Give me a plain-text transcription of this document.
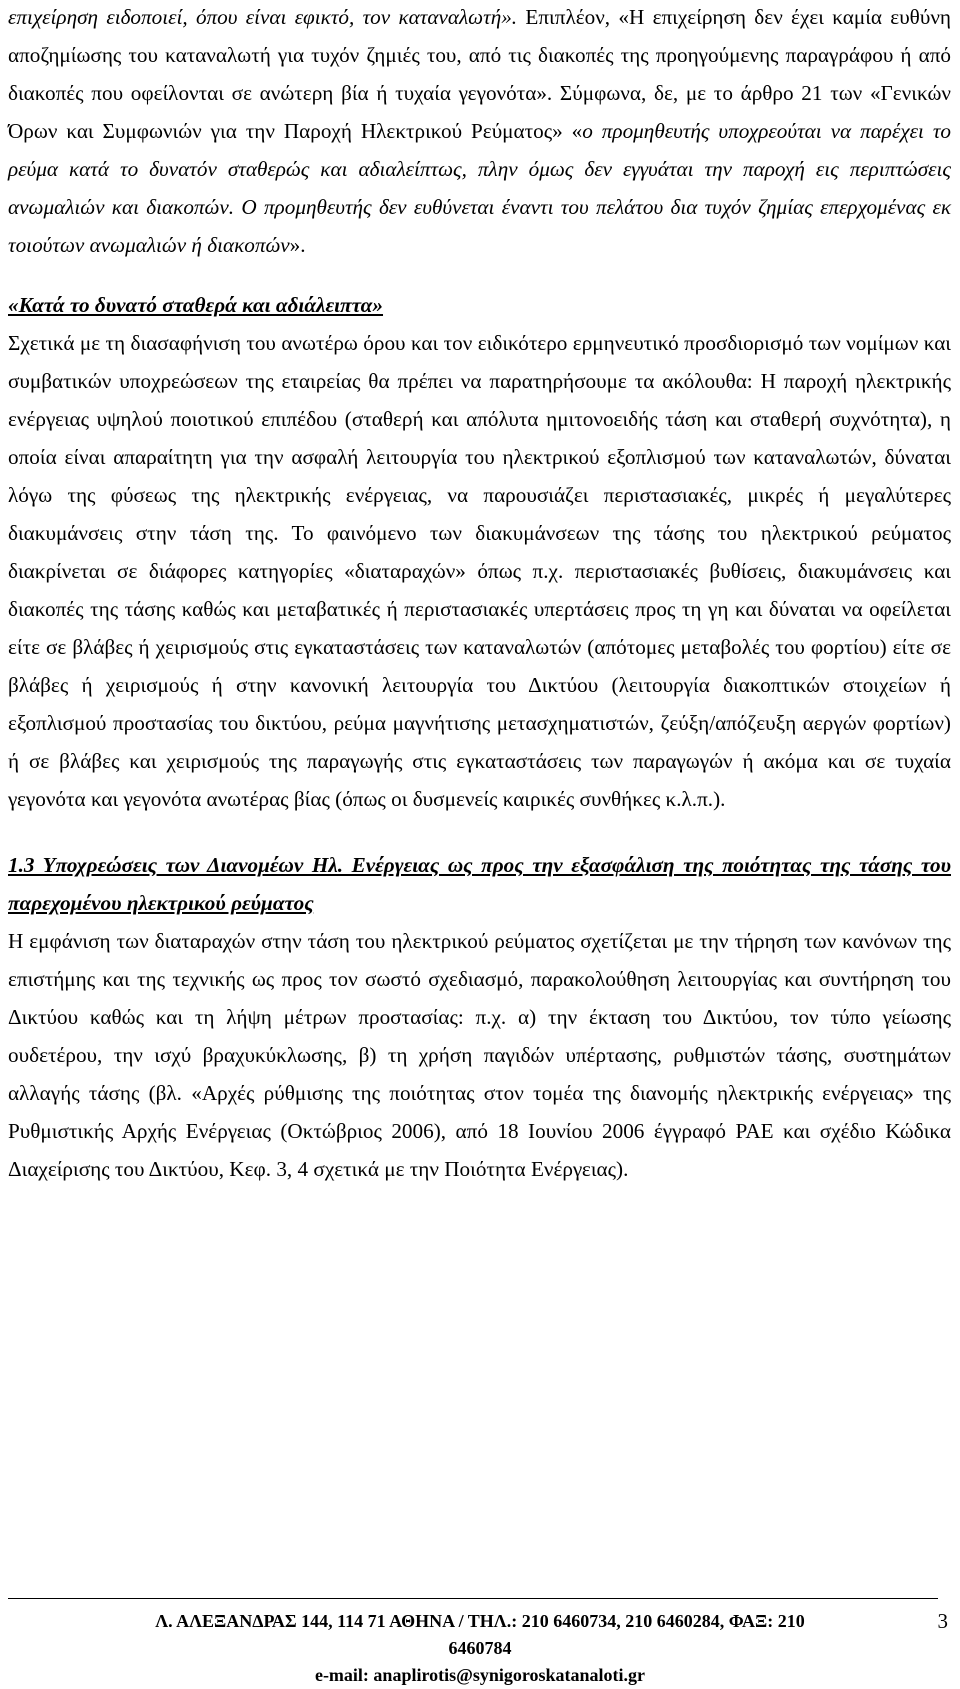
επιχείρηση ειδοποιεί, όπου είναι εφικτό, τον καταναλωτή». Επιπλέον, «Η επιχείρηση δεν έχει καμία ευθύνη αποζημίωσης του καταναλωτή για τυχόν ζημιές του, από τις διακοπές της προηγούμενης παραγράφου ή από διακοπές που οφείλονται σε ανώτερη βία ή τυχαία γεγονότα». Σύμφωνα, δε, με το άρθρο 21 των «Γενικών Όρων και Συμφωνιών για την Παροχή Ηλεκτρικού Ρεύματος» «ο προμηθευτής υποχρεούται να παρέχει το ρεύμα κατά το δυνατόν σταθερώς και αδιαλείπτως, πλην όμως δεν εγγυάται την παροχή εις περιπτώσεις ανωμαλιών και διακοπών. Ο προμηθευτής δεν ευθύνεται έναντι του πελάτου δια τυχόν ζημίας επερχομένας εκ τοιούτων ανωμαλιών ή διακοπών».

«Κατά το δυνατό σταθερά και αδιάλειπτα»

Σχετικά με τη διασαφήνιση του ανωτέρω όρου και τον ειδικότερο ερμηνευτικό προσδιορισμό των νομίμων και συμβατικών υποχρεώσεων της εταιρείας θα πρέπει να παρατηρήσουμε τα ακόλουθα: Η παροχή ηλεκτρικής ενέργειας υψηλού ποιοτικού επιπέδου (σταθερή και απόλυτα ημιτονοειδής τάση και σταθερή συχνότητα), η οποία είναι απαραίτητη για την ασφαλή λειτουργία του ηλεκτρικού εξοπλισμού των καταναλωτών, δύναται λόγω της φύσεως της ηλεκτρικής ενέργειας, να παρουσιάζει περιστασιακές, μικρές ή μεγαλύτερες διακυμάνσεις στην τάση της. Το φαινόμενο των διακυμάνσεων της τάσης του ηλεκτρικού ρεύματος διακρίνεται σε διάφορες κατηγορίες «διαταραχών» όπως π.χ. περιστασιακές βυθίσεις, διακυμάνσεις και διακοπές της τάσης καθώς και μεταβατικές ή περιστασιακές υπερτάσεις προς τη γη και δύναται να οφείλεται είτε σε βλάβες ή χειρισμούς στις εγκαταστάσεις των καταναλωτών (απότομες μεταβολές του φορτίου) είτε σε βλάβες ή χειρισμούς ή στην κανονική λειτουργία του Δικτύου (λειτουργία διακοπτικών στοιχείων ή εξοπλισμού προστασίας του δικτύου, ρεύμα μαγνήτισης μετασχηματιστών, ζεύξη/απόζευξη αεργών φορτίων) ή σε βλάβες και χειρισμούς της παραγωγής στις εγκαταστάσεις των παραγωγών ή ακόμα και σε τυχαία γεγονότα και γεγονότα ανωτέρας βίας (όπως οι δυσμενείς καιρικές συνθήκες κ.λ.π.).

1.3 Υποχρεώσεις των Διανομέων Ηλ. Ενέργειας ως προς την εξασφάλιση της ποιότητας της τάσης του παρεχομένου ηλεκτρικού ρεύματος

Η εμφάνιση των διαταραχών στην τάση του ηλεκτρικού ρεύματος σχετίζεται με την τήρηση των κανόνων της επιστήμης και της τεχνικής ως προς τον σωστό σχεδιασμό, παρακολούθηση λειτουργίας και συντήρηση του Δικτύου καθώς και τη λήψη μέτρων προστασίας: π.χ. α) την έκταση του Δικτύου, τον τύπο γείωσης ουδετέρου, την ισχύ βραχυκύκλωσης, β) τη χρήση παγιδών υπέρτασης, ρυθμιστών τάσης, συστημάτων αλλαγής τάσης (βλ. «Αρχές ρύθμισης της ποιότητας στον τομέα της διανομής ηλεκτρικής ενέργειας» της Ρυθμιστικής Αρχής Ενέργειας (Οκτώβριος 2006), από 18 Ιουνίου 2006 έγγραφό ΡΑΕ και σχέδιο Κώδικα Διαχείρισης του Δικτύου, Κεφ. 3, 4 σχετικά με την Ποιότητα Ενέργειας).

Λ. ΑΛΕΞΑΝΔΡΑΣ 144, 114 71 ΑΘΗΝΑ / ΤΗΛ.: 210 6460734, 210 6460284, ΦΑΞ: 210
6460784
e-mail: anaplirotis@synigoroskatanaloti.gr
3
